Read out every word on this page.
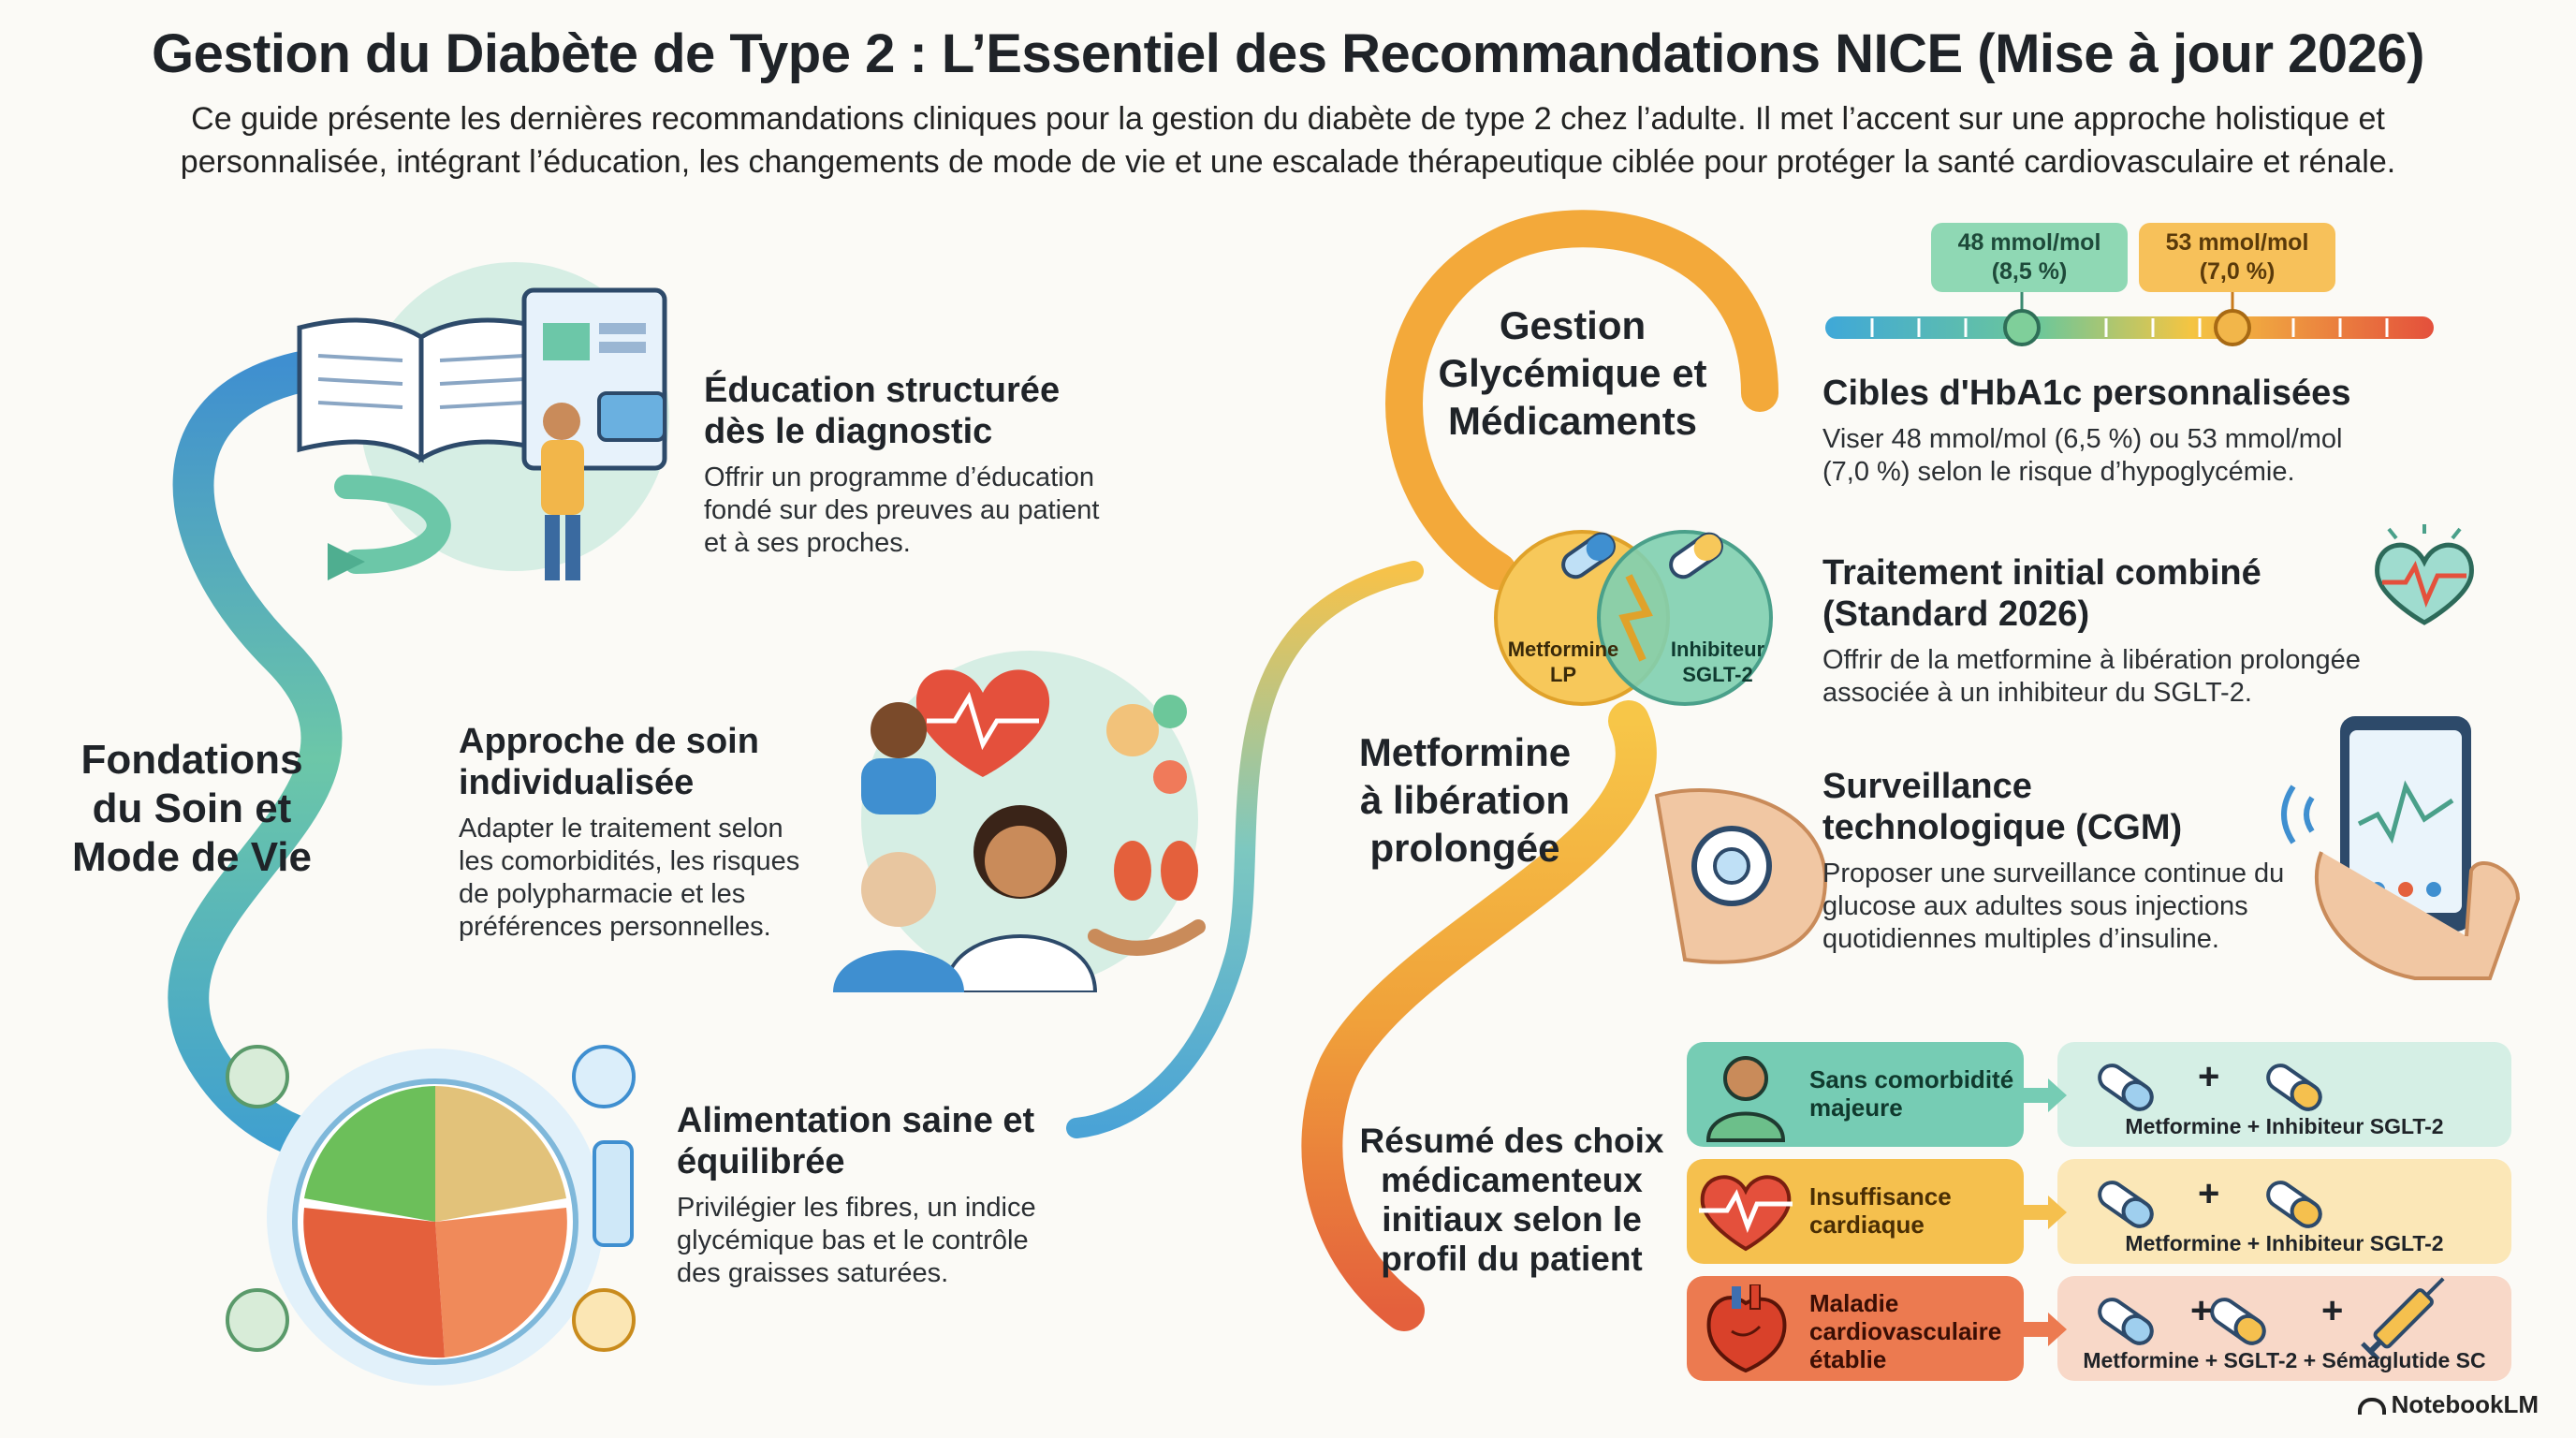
Gestion du Diabète de Type 2 : L’Essentiel des Recommandations NICE (Mise à jour 2026)
Ce guide présente les dernières recommandations cliniques pour la gestion du diabète de type 2 chez l’adulte. Il met l’accent sur une approche holistique et
personnalisée, intégrant l’éducation, les changements de mode de vie et une escalade thérapeutique ciblée pour protéger la santé cardiovasculaire et rénale.
Fondations
du Soin et
Mode de Vie
Éducation structurée
dès le diagnostic
Offrir un programme d’éducation
fondé sur des preuves au patient
et à ses proches.
Approche de soin
individualisée
Adapter le traitement selon
les comorbidités, les risques
de polypharmacie et les
préférences personnelles.
Alimentation saine et
équilibrée
Privilégier les fibres, un indice
glycémique bas et le contrôle
des graisses saturées.
Gestion
Glycémique et
Médicaments
48 mmol/mol
(8,5 %)
53 mmol/mol
(7,0 %)
Cibles d'HbA1c personnalisées
Viser 48 mmol/mol (6,5 %) ou 53 mmol/mol
(7,0 %) selon le risque d’hypoglycémie.
Metformine
LP
Inhibiteur
SGLT-2
Traitement initial combiné
(Standard 2026)
Offrir de la metformine à libération prolongée
associée à un inhibiteur du SGLT-2.
Metformine
à libération
prolongée
Surveillance
technologique (CGM)
Proposer une surveillance continue du
glucose aux adultes sous injections
quotidiennes multiples d’insuline.
Résumé des choix
médicamenteux
initiaux selon le
profil du patient
Sans comorbidité
majeure
Insuffisance
cardiaque
Maladie
cardiovasculaire
établie
+
+
+	+
Metformine + Inhibiteur SGLT-2
Metformine + Inhibiteur SGLT-2
Metformine + SGLT-2 + Sémaglutide SC
NotebookLM
